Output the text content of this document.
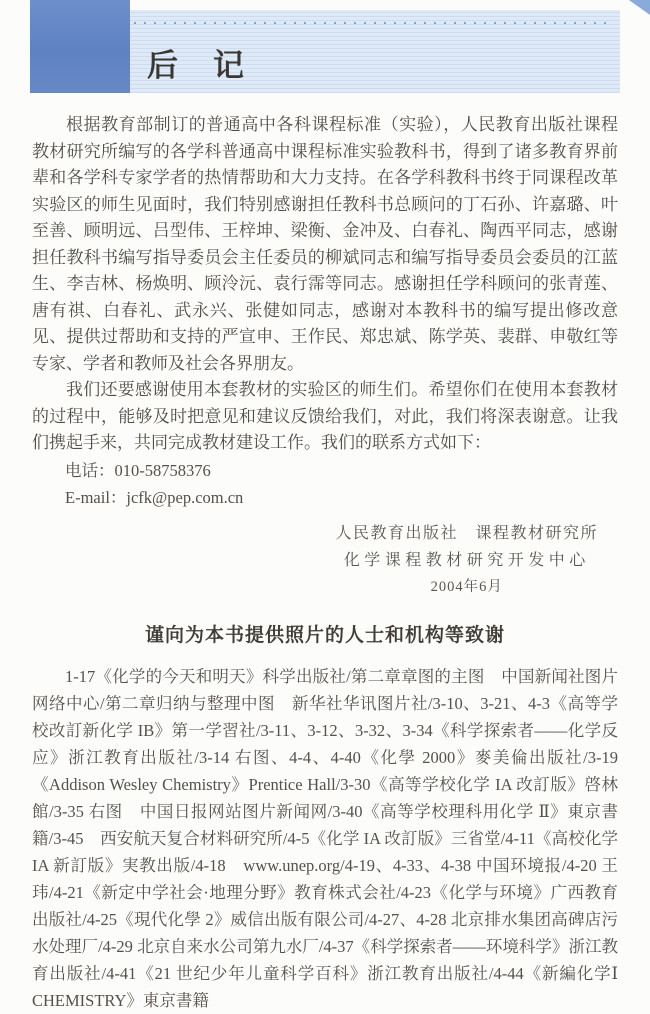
后　记

根据教育部制订的普通高中各科课程标准（实验），人民教育出版社课程教材研究所编写的各学科普通高中课程标准实验教科书，得到了诸多教育界前辈和各学科专家学者的热情帮助和大力支持。在各学科教科书终于同课程改革实验区的师生见面时，我们特别感谢担任教科书总顾问的丁石孙、许嘉璐、叶至善、顾明远、吕型伟、王梓坤、梁衡、金冲及、白春礼、陶西平同志，感谢担任教科书编写指导委员会主任委员的柳斌同志和编写指导委员会委员的江蓝生、李吉林、杨焕明、顾泠沅、袁行霈等同志。感谢担任学科顾问的张青莲、唐有祺、白春礼、武永兴、张健如同志，感谢对本教科书的编写提出修改意见、提供过帮助和支持的严宣申、王作民、郑忠斌、陈学英、裴群、申敬红等专家、学者和教师及社会各界朋友。

我们还要感谢使用本套教材的实验区的师生们。希望你们在使用本套教材的过程中，能够及时把意见和建议反馈给我们，对此，我们将深表谢意。让我们携起手来，共同完成教材建设工作。我们的联系方式如下：

电话：010-58758376

E-mail：jcfk@pep.com.cn

人民教育出版社　课程教材研究所
化学课程教材研究开发中心
2004年6月
谨向为本书提供照片的人士和机构等致谢

1-17《化学的今天和明天》科学出版社/第二章章图的主图　中国新闻社图片网络中心/第二章归纳与整理中图　新华社华讯图片社/3-10、3-21、4-3《高等学校改訂新化学 IB》第一学習社/3-11、3-12、3-32、3-34《科学探索者——化学反应》浙江教育出版社/3-14 右图、4-4、4-40《化學 2000》麥美倫出版社/3-19《Addison Wesley Chemistry》Prentice Hall/3-30《高等学校化学 IA 改訂版》啓林館/3-35 右图　中国日报网站图片新闻网/3-40《高等学校理科用化学 Ⅱ》東京書籍/3-45　西安航天复合材料研究所/4-5《化学 IA 改訂版》三省堂/4-11《高校化学 IA 新訂版》実教出版/4-18　www.unep.org/4-19、4-33、4-38 中国环境报/4-20 王玮/4-21《新定中学社会·地理分野》教育株式会社/4-23《化学与环境》广西教育出版社/4-25《現代化學 2》威信出版有限公司/4-27、4-28 北京排水集团高碑店污水处理厂/4-29 北京自来水公司第九水厂/4-37《科学探索者——环境科学》浙江教育出版社/4-41《21 世纪少年儿童科学百科》浙江教育出版社/4-44《新編化学Ⅰ　CHEMISTRY》東京書籍
